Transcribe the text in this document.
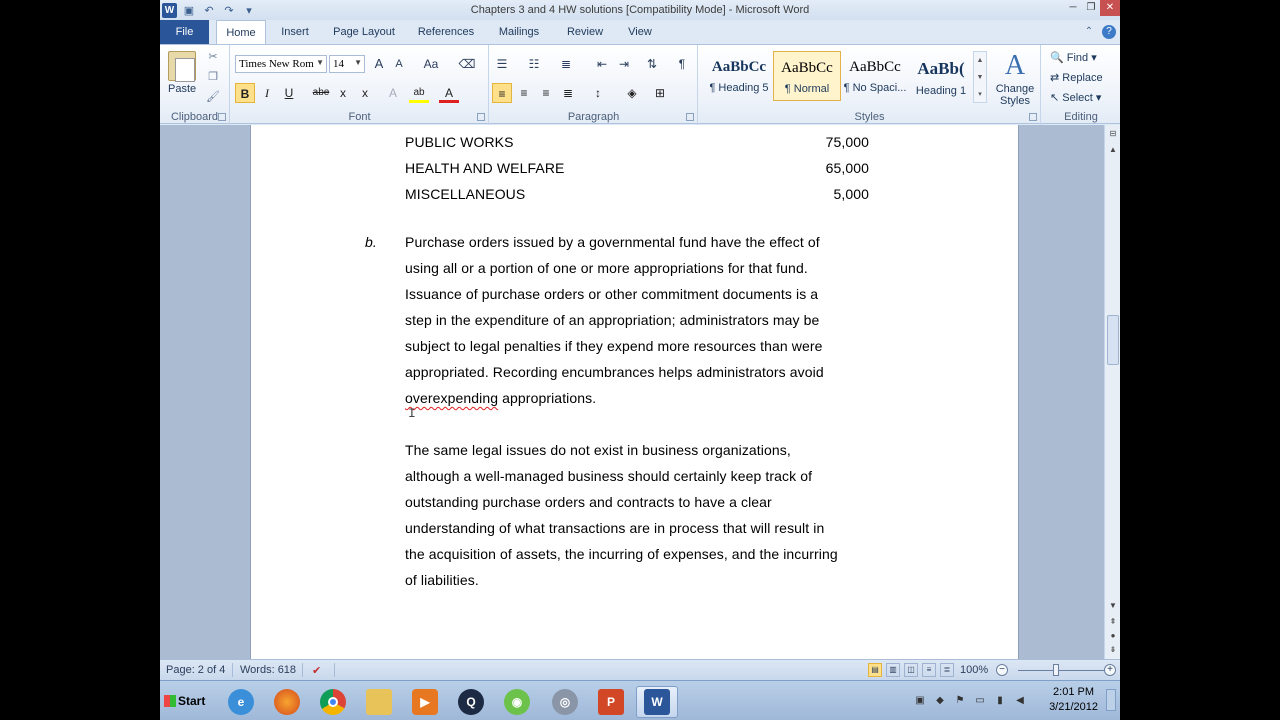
W ▣ ↶ ↷	▾	Chapters 3 and 4 HW solutions [Compatibility Mode] - Microsoft Word	─ ❐	✕
File	Home	Insert	Page Layout	References	Mailings	Review	View	⌃	?
Paste
✂
❐
🖌
Clipboard
Times New Rom ▼ 14 ▼ A	A	Aa	⌫
B	I	U	abe x	x	A	ab	A
Font
☰	☷	≣	⇤ ⇥	⇅	¶
≡	≡	≡	≣	↕	◈	⊞
Paragraph
AaBbCc
¶ Heading 5
AaBbCc
¶ Normal
AaBbCc
¶ No Spaci...
AaBb(
Heading 1
▲
▼
▾
A
Change Styles
Styles
🔍 Find ▾
⇄ Replace
↖ Select ▾
Editing
PUBLIC WORKS	75,000
HEALTH AND WELFARE	65,000
MISCELLANEOUS	5,000
b. Purchase orders issued by a governmental fund have the effect of
using all or a portion of one or more appropriations for that fund.
Issuance of purchase orders or other commitment documents is a
step in the expenditure of an appropriation; administrators may be
subject to legal penalties if they expend more resources than were
appropriated. Recording encumbrances helps administrators avoid
overexpending appropriations.
I
The same legal issues do not exist in business organizations,
although a well-managed business should certainly keep track of
outstanding purchase orders and contracts to have a clear
understanding of what transactions are in process that will result in
the acquisition of assets, the incurring of expenses, and the incurring
of liabilities.
⊟
▲
▼
⇞
●
⇟
Page: 2 of 4 Words: 618 ✔	▤	▥	◫	≡	≣ 100%	−	+
Start	e	▶	Q	◉	◎	P	W	▣ ◆ ⚑ ▭	▮	◀
2:01 PM
3/21/2012
